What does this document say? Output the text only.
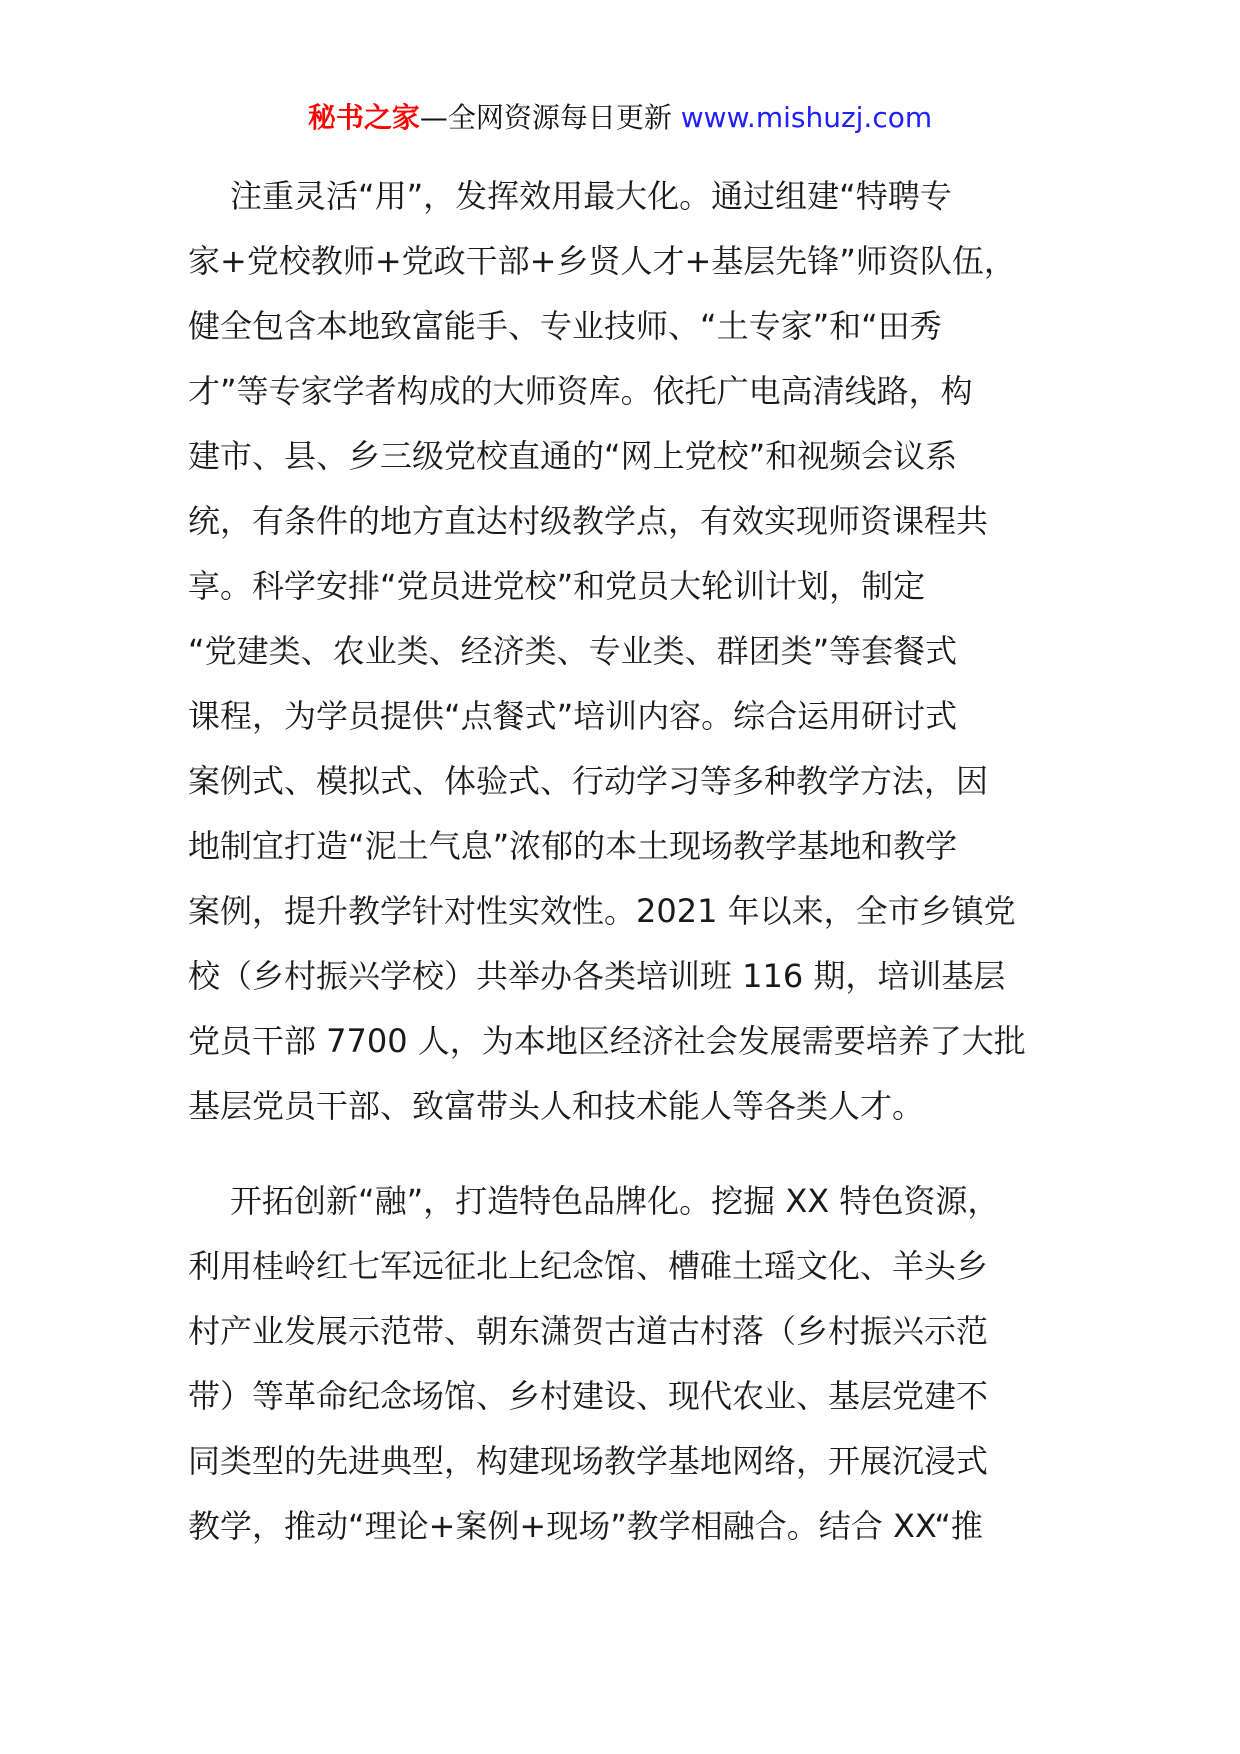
秘书之家—全网资源每日更新 www.mishuzj.com

注重灵活“用”，发挥效用最大化。通过组建“特聘专
家+党校教师+党政干部+乡贤人才+基层先锋”师资队伍，
健全包含本地致富能手、专业技师、“土专家”和“田秀
才”等专家学者构成的大师资库。依托广电高清线路，构
建市、县、乡三级党校直通的“网上党校”和视频会议系
统，有条件的地方直达村级教学点，有效实现师资课程共
享。科学安排“党员进党校”和党员大轮训计划，制定
“党建类、农业类、经济类、专业类、群团类”等套餐式
课程，为学员提供“点餐式”培训内容。综合运用研讨式
案例式、模拟式、体验式、行动学习等多种教学方法，因
地制宜打造“泥土气息”浓郁的本土现场教学基地和教学
案例，提升教学针对性实效性。2021 年以来，全市乡镇党
校（乡村振兴学校）共举办各类培训班 116 期，培训基层
党员干部 7700 人，为本地区经济社会发展需要培养了大批
基层党员干部、致富带头人和技术能人等各类人才。

开拓创新“融”，打造特色品牌化。挖掘 XX 特色资源，
利用桂岭红七军远征北上纪念馆、槽碓土瑶文化、羊头乡
村产业发展示范带、朝东潇贺古道古村落（乡村振兴示范
带）等革命纪念场馆、乡村建设、现代农业、基层党建不
同类型的先进典型，构建现场教学基地网络，开展沉浸式
教学，推动“理论+案例+现场”教学相融合。结合 XX“推
